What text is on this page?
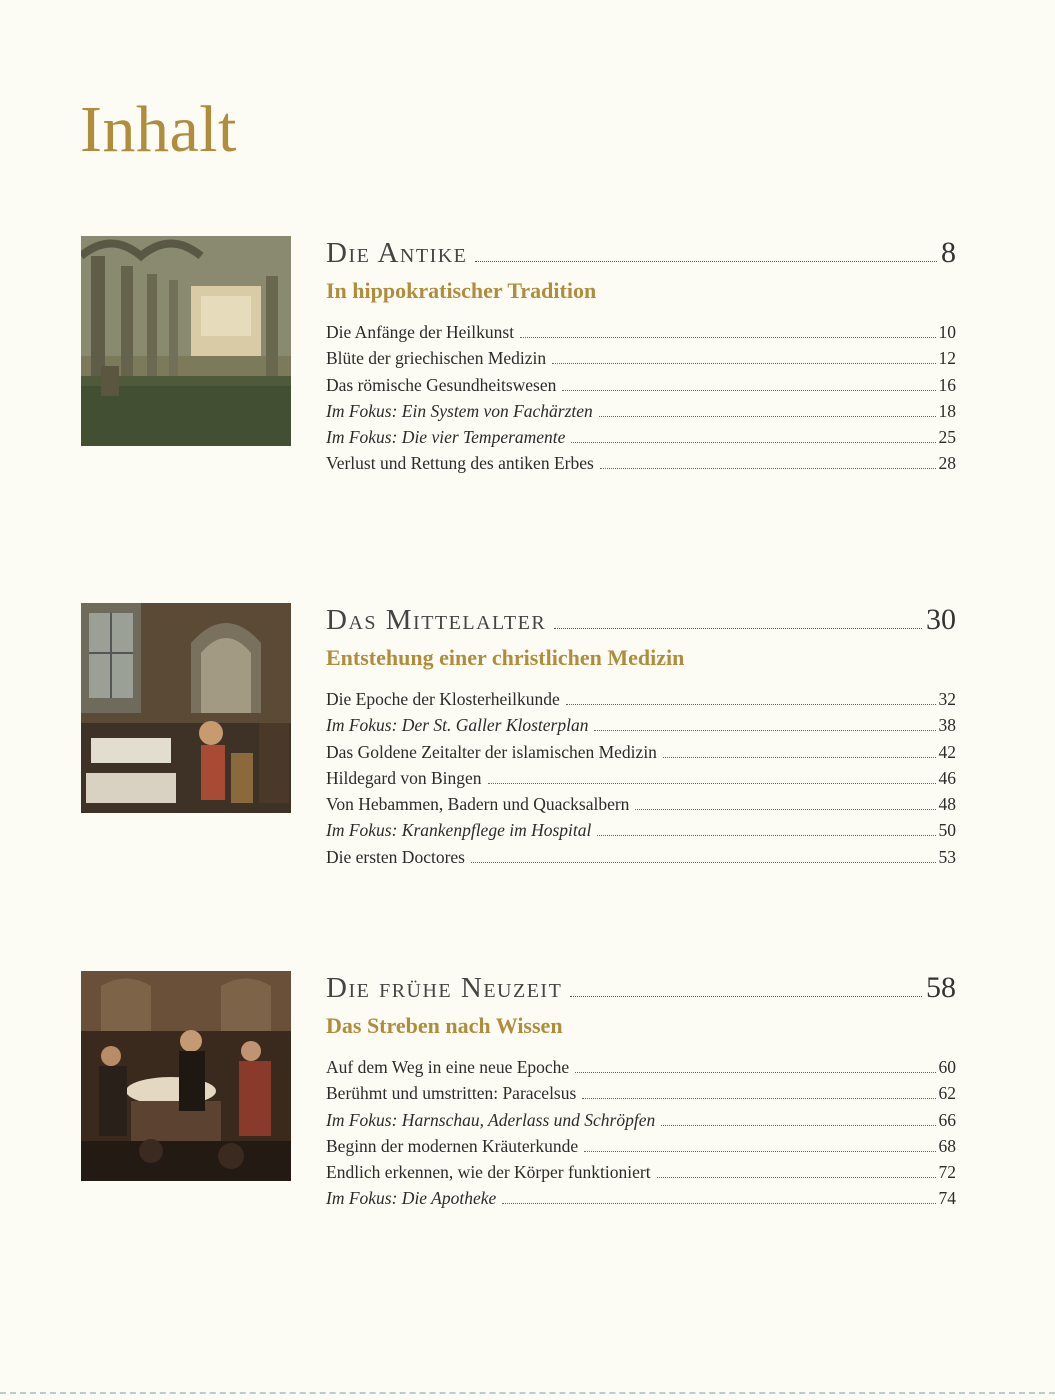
Inhalt
Die Antike	8
In hippokratischer Tradition
Die Anfänge der Heilkunst	10
Blüte der griechischen Medizin	12
Das römische Gesundheitswesen	16
Im Fokus: Ein System von Fachärzten	18
Im Fokus: Die vier Temperamente	25
Verlust und Rettung des antiken Erbes	28
Das Mittelalter	30
Entstehung einer christlichen Medizin
Die Epoche der Klosterheilkunde	32
Im Fokus: Der St. Galler Klosterplan	38
Das Goldene Zeitalter der islamischen Medizin	42
Hildegard von Bingen	46
Von Hebammen, Badern und Quacksalbern	48
Im Fokus: Krankenpflege im Hospital	50
Die ersten Doctores	53
Die frühe Neuzeit	58
Das Streben nach Wissen
Auf dem Weg in eine neue Epoche	60
Berühmt und umstritten: Paracelsus	62
Im Fokus: Harnschau, Aderlass und Schröpfen	66
Beginn der modernen Kräuterkunde	68
Endlich erkennen, wie der Körper funktioniert	72
Im Fokus: Die Apotheke	74
